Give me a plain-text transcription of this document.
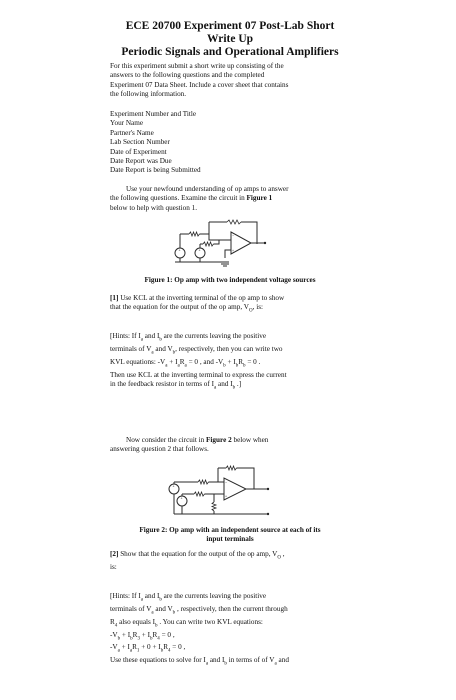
ECE 20700 Experiment 07 Post-Lab Short
Write Up
Periodic Signals and Operational Amplifiers
For this experiment submit a short write up consisting of the
answers to the following questions and the completed
Experiment 07 Data Sheet. Include a cover sheet that contains
the following information.
Experiment Number and Title
Your Name
Partner's Name
Lab Section Number
Date of Experiment
Date Report was Due
Date Report is being Submitted
Use your newfound understanding of op amps to answer
the following questions. Examine the circuit in Figure 1
below to help with question 1.
+	+
−
+
Figure 1: Op amp with two independent voltage sources
[1] Use KCL at the inverting terminal of the op amp to show
that the equation for the output of the op amp, $V_O$, is:
[Hints: If $I_a$ and $I_b$ are the currents leaving the positive
terminals of $V_a$ and $V_b$, respectively, then you can write two
KVL equations: $-V_a + I_aR_a = 0$ , and $-V_b + I_bR_b = 0$ .
Then use KCL at the inverting terminal to express the current
in the feedback resistor in terms of $I_a$ and $I_b$ .]
Now consider the circuit in Figure 2 below when
answering question 2 that follows.
+
+
−
+
Figure 2: Op amp with an independent source at each of its
input terminals
[2] Show that the equation for the output of the op amp, $V_O$ ,
is:
[Hints: If $I_a$ and $I_b$ are the currents leaving the positive
terminals of $V_a$ and $V_b$ , respectively, then the current through
$R_4$ also equals $I_b$ . You can write two KVL equations:
$-V_b + I_bR_3 + I_bR_4 = 0$ ,
$-V_a + I_aR_1 + 0 + I_bR_4 = 0$ ,
Use these equations to solve for $I_a$ and $I_b$ in terms of of $V_a$ and
